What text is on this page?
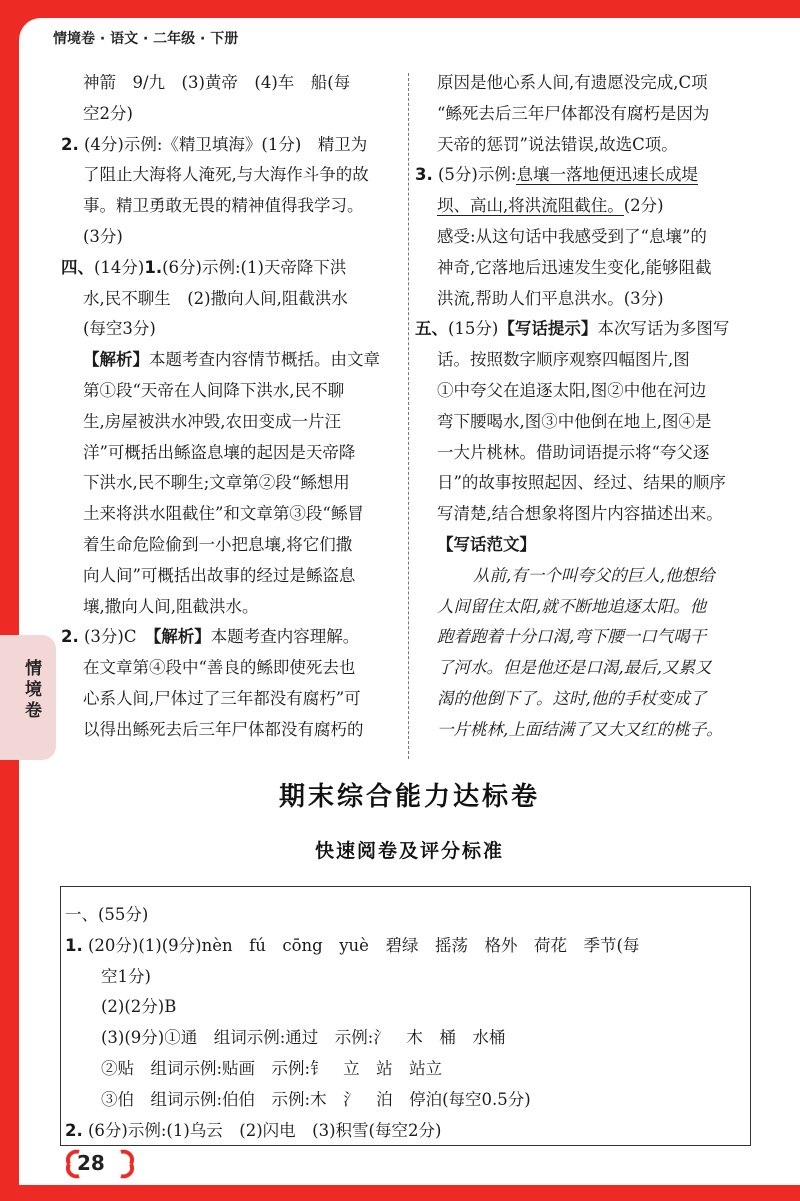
情境卷 · 语文 · 二年级 · 下册
情境卷

神箭　9/九　(3)黄帝　(4)车　船(每

空2分)

2. (4分)示例:《精卫填海》(1分)　精卫为

了阻止大海将人淹死,与大海作斗争的故

事。精卫勇敢无畏的精神值得我学习。

(3分)

四、(14分)1.(6分)示例:(1)天帝降下洪

水,民不聊生　(2)撒向人间,阻截洪水

(每空3分)

【解析】本题考查内容情节概括。由文章

第①段“天帝在人间降下洪水,民不聊

生,房屋被洪水冲毁,农田变成一片汪

洋”可概括出鲧盗息壤的起因是天帝降

下洪水,民不聊生;文章第②段“鲧想用

土来将洪水阻截住”和文章第③段“鲧冒

着生命危险偷到一小把息壤,将它们撒

向人间”可概括出故事的经过是鲧盗息

壤,撒向人间,阻截洪水。

2. (3分)C　【解析】本题考查内容理解。

在文章第④段中“善良的鲧即使死去也

心系人间,尸体过了三年都没有腐朽”可

以得出鲧死去后三年尸体都没有腐朽的

原因是他心系人间,有遗愿没完成,C项

“鲧死去后三年尸体都没有腐朽是因为

天帝的惩罚”说法错误,故选C项。

3. (5分)示例:息壤一落地便迅速长成堤

坝、高山,将洪流阻截住。(2分)

感受:从这句话中我感受到了“息壤”的

神奇,它落地后迅速发生变化,能够阻截

洪流,帮助人们平息洪水。(3分)

五、(15分)【写话提示】本次写话为多图写

话。按照数字顺序观察四幅图片,图

①中夸父在追逐太阳,图②中他在河边

弯下腰喝水,图③中他倒在地上,图④是

一大片桃林。借助词语提示将“夸父逐

日”的故事按照起因、经过、结果的顺序

写清楚,结合想象将图片内容描述出来。

【写话范文】

从前,有一个叫夸父的巨人,他想给

人间留住太阳,就不断地追逐太阳。他

跑着跑着十分口渴,弯下腰一口气喝干

了河水。但是他还是口渴,最后,又累又

渴的他倒下了。这时,他的手杖变成了

一片桃林,上面结满了又大又红的桃子。

期末综合能力达标卷
快速阅卷及评分标准

一、(55分)

1. (20分)(1)(9分)nèn　fú　cōng　yuè　碧绿　摇荡　格外　荷花　季节(每

空1分)

(2)(2分)B

(3)(9分)①通　组词示例:通过　示例:氵　木　桶　水桶

②贴　组词示例:贴画　示例:钅　立　站　站立

③伯　组词示例:伯伯　示例:木　氵　泊　停泊(每空0.5分)

2. (6分)示例:(1)乌云　(2)闪电　(3)积雪(每空2分)

28
